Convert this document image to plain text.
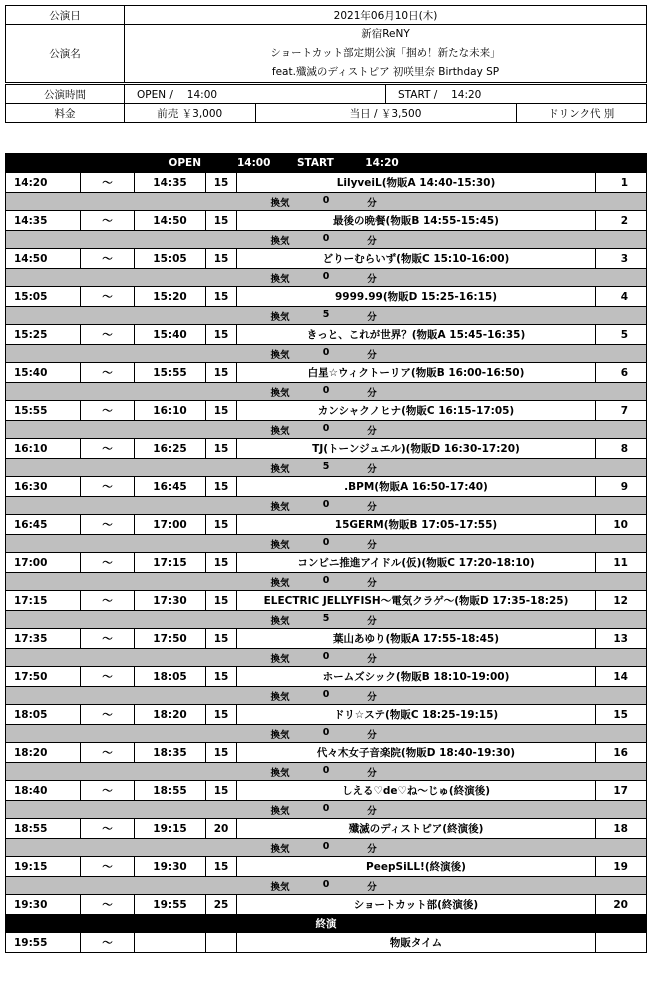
公演日	2021年06月10日(木)			
公演名	新宿ReNY
ショートカット部定期公演「掴め！新たな未来」
feat.殲滅のディストピア 初咲里奈 Birthday SP			

公演時間	OPEN /　 14:00		START /　 14:20	
料金	前売 ￥3,000	当日 / ￥3,500		ドリンク代 別
		OPEN		14:00 START 14:20	
14:20	〜	14:35	15	LilyveiL(物販A 14:40-15:30)	1

換気 0 分					

14:35	〜	14:50	15	最後の晩餐(物販B 14:55-15:45)	2

換気 0 分					

14:50	〜	15:05	15	どりーむらいず(物販C 15:10-16:00)	3

換気 0 分					

15:05	〜	15:20	15	9999.99(物販D 15:25-16:15)	4

換気 5 分					

15:25	〜	15:40	15	きっと、これが世界？(物販A 15:45-16:35)	5

換気 0 分					

15:40	〜	15:55	15	白星☆ウィクトーリア(物販B 16:00-16:50)	6

換気 0 分					

15:55	〜	16:10	15	カンシャクノヒナ(物販C 16:15-17:05)	7

換気 0 分					

16:10	〜	16:25	15	TJ(トーンジュエル)(物販D 16:30-17:20)	8

換気 5 分					

16:30	〜	16:45	15	.BPM(物販A 16:50-17:40)	9

換気 0 分					

16:45	〜	17:00	15	15GERM(物販B 17:05-17:55)	10

換気 0 分					

17:00	〜	17:15	15	コンビニ推進アイドル(仮)(物販C 17:20-18:10)	11

換気 0 分					

17:15	〜	17:30	15	ELECTRIC JELLYFISH〜電気クラゲ〜(物販D 17:35-18:25)	12

換気 5 分					

17:35	〜	17:50	15	葉山あゆり(物販A 17:55-18:45)	13

換気 0 分					

17:50	〜	18:05	15	ホームズシック(物販B 18:10-19:00)	14

換気 0 分					

18:05	〜	18:20	15	ドリ☆ステ(物販C 18:25-19:15)	15

換気 0 分					

18:20	〜	18:35	15	代々木女子音楽院(物販D 18:40-19:30)	16

換気 0 分					

18:40	〜	18:55	15	しえる♡de♡ね〜じゅ(終演後)	17

換気 0 分					

18:55	〜	19:15	20	殲滅のディストピア(終演後)	18

換気 0 分					

19:15	〜	19:30	15	PeepSiLL!(終演後)	19

換気 0 分					

19:30	〜	19:55	25	ショートカット部(終演後)	20
終演					
19:55	〜			物販タイム	
